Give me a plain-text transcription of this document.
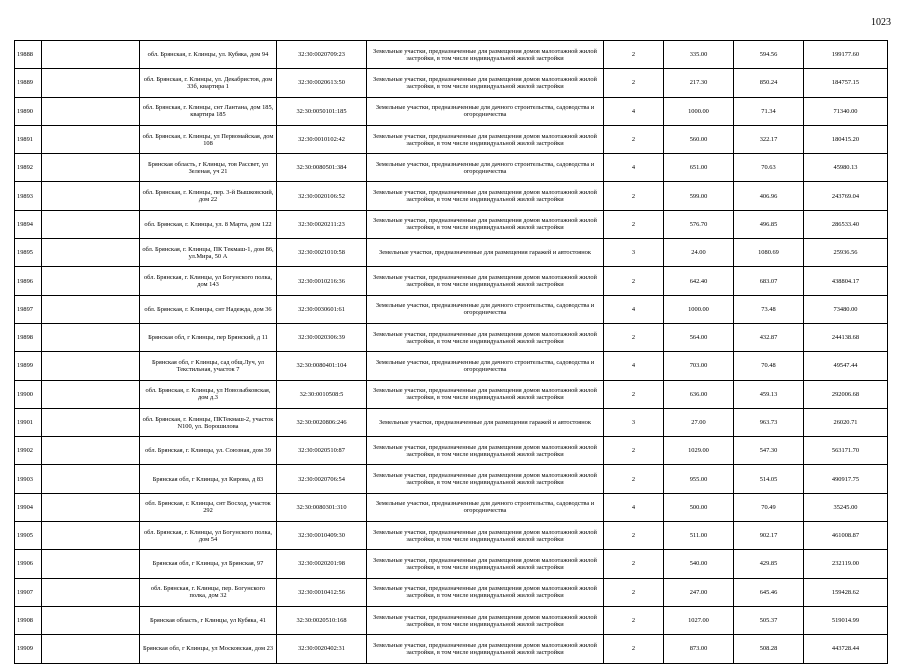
1023
19888		обл. Брянская, г. Клинцы, ул. Кубяка, дом 94	32:30:0020709:23	Земельные участки, предназначенные для размещения домов малоэтажной жилой застройки, в том числе индивидуальной жилой застройки	2	335.00	594.56	199177.60
19889		обл. Брянская, г. Клинцы, ул. Декабристов, дом 33б, квартира 1	32:30:0020613:50	Земельные участки, предназначенные для размещения домов малоэтажной жилой застройки, в том числе индивидуальной жилой застройки	2	217.30	850.24	184757.15
19890		обл. Брянская, г. Клинцы, снт Лантана, дом 185, квартира 185	32:30:0050101:185	Земельные участки, предназначенные для дачного строительства, садоводства и огородничества	4	1000.00	71.34	71340.00
19891		обл. Брянская, г. Клинцы, ул Первомайская, дом 108	32:30:0010102:42	Земельные участки, предназначенные для размещения домов малоэтажной жилой застройки, в том числе индивидуальной жилой застройки	2	560.00	322.17	180415.20
19892		Брянская область, г Клинцы, тов Рассвет, ул Зеленая, уч 21	32:30:0080501:384	Земельные участки, предназначенные для дачного строительства, садоводства и огородничества	4	651.00	70.63	45980.13
19893		обл. Брянская, г. Клинцы, пер. 3-й Вышковский, дом 22	32:30:0020106:52	Земельные участки, предназначенные для размещения домов малоэтажной жилой застройки, в том числе индивидуальной жилой застройки	2	599.00	406.96	243769.04
19894		обл. Брянская, г. Клинцы, ул. 8 Марта, дом 122	32:30:0020211:23	Земельные участки, предназначенные для размещения домов малоэтажной жилой застройки, в том числе индивидуальной жилой застройки	2	576.70	496.85	286533.40
19895		обл. Брянская, г. Клинцы, ПК Текмаш-1, дом 86, ул.Мира, 50 А	32:30:0021010:58	Земельные участки, предназначенные для размещения гаражей и автостоянок	3	24.00	1080.69	25936.56
19896		обл. Брянская, г. Клинцы, ул Богунского полка, дом 143	32:30:0010216:36	Земельные участки, предназначенные для размещения домов малоэтажной жилой застройки, в том числе индивидуальной жилой застройки	2	642.40	683.07	438804.17
19897		обл. Брянская, г. Клинцы, снт Надежда, дом 36	32:30:0030601:61	Земельные участки, предназначенные для дачного строительства, садоводства и огородничества	4	1000.00	73.48	73480.00
19898		Брянская обл, г Клинцы, пер Брянский, д 11	32:30:0020306:39	Земельные участки, предназначенные для размещения домов малоэтажной жилой застройки, в том числе индивидуальной жилой застройки	2	564.00	432.87	244138.68
19899		Брянская обл, г Клинцы, сад общ.Луч, ул Текстильная, участок 7	32:30:0080401:104	Земельные участки, предназначенные для дачного строительства, садоводства и огородничества	4	703.00	70.48	49547.44
19900		обл. Брянская, г. Клинцы, ул Новозыбковская, дом д.3	32:30:0010508:5	Земельные участки, предназначенные для размещения домов малоэтажной жилой застройки, в том числе индивидуальной жилой застройки	2	636.00	459.13	292006.68
19901		обл. Брянская, г. Клинцы, ПКТекмаш-2, участок N100, ул. Ворошилова	32:30:0020806:246	Земельные участки, предназначенные для размещения гаражей и автостоянок	3	27.00	963.73	26020.71
19902		обл. Брянская, г. Клинцы, ул. Союзная, дом 39	32:30:0020510:87	Земельные участки, предназначенные для размещения домов малоэтажной жилой застройки, в том числе индивидуальной жилой застройки	2	1029.00	547.30	563171.70
19903		Брянская обл, г Клинцы, ул Кирова, д 83	32:30:0020706:54	Земельные участки, предназначенные для размещения домов малоэтажной жилой застройки, в том числе индивидуальной жилой застройки	2	955.00	514.05	490917.75
19904		обл. Брянская, г. Клинцы, снт Восход, участок 292	32:30:0080301:310	Земельные участки, предназначенные для дачного строительства, садоводства и огородничества	4	500.00	70.49	35245.00
19905		обл. Брянская, г. Клинцы, ул Богунского полка, дом 54	32:30:0010409:30	Земельные участки, предназначенные для размещения домов малоэтажной жилой застройки, в том числе индивидуальной жилой застройки	2	511.00	902.17	461008.87
19906		Брянская обл, г Клинцы, ул Брянская, 97	32:30:0020201:98	Земельные участки, предназначенные для размещения домов малоэтажной жилой застройки, в том числе индивидуальной жилой застройки	2	540.00	429.85	232119.00
19907		обл. Брянская, г. Клинцы, пер. Богунского полка, дом 32	32:30:0010412:56	Земельные участки, предназначенные для размещения домов малоэтажной жилой застройки, в том числе индивидуальной жилой застройки	2	247.00	645.46	159428.62
19908		Брянская область, г Клинцы, ул Кубяка, 41	32:30:0020510:168	Земельные участки, предназначенные для размещения домов малоэтажной жилой застройки, в том числе индивидуальной жилой застройки	2	1027.00	505.37	519014.99
19909		Брянская обл, г Клинцы, ул Московская, дом 23	32:30:0020402:31	Земельные участки, предназначенные для размещения домов малоэтажной жилой застройки, в том числе индивидуальной жилой застройки	2	873.00	508.28	443728.44
